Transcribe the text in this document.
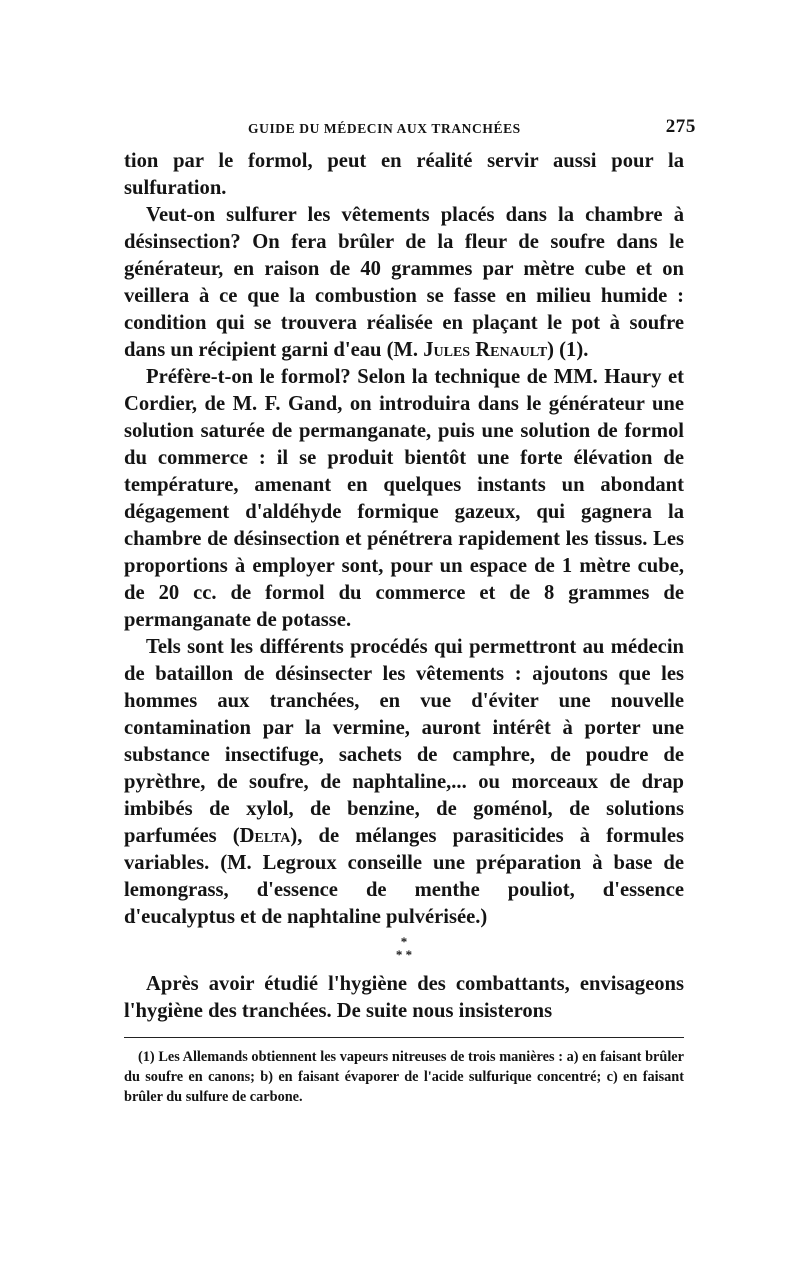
GUIDE DU MÉDECIN AUX TRANCHÉES	275

tion par le formol, peut en réalité servir aussi pour la sulfuration.

Veut-on sulfurer les vêtements placés dans la chambre à désinsection? On fera brûler de la fleur de soufre dans le générateur, en raison de 40 grammes par mètre cube et on veillera à ce que la combustion se fasse en milieu humide : condition qui se trouvera réalisée en plaçant le pot à soufre dans un récipient garni d'eau (M. Jules Renault) (1).

Préfère-t-on le formol? Selon la technique de MM. Haury et Cordier, de M. F. Gand, on introduira dans le générateur une solution saturée de permanganate, puis une solution de formol du commerce : il se produit bientôt une forte élévation de température, amenant en quelques instants un abondant dégagement d'aldéhyde formique gazeux, qui gagnera la chambre de désinsection et pénétrera rapidement les tissus. Les proportions à employer sont, pour un espace de 1 mètre cube, de 20 cc. de formol du commerce et de 8 grammes de permanganate de potasse.

Tels sont les différents procédés qui permettront au médecin de bataillon de désinsecter les vêtements : ajoutons que les hommes aux tranchées, en vue d'éviter une nouvelle contamination par la vermine, auront intérêt à porter une substance insectifuge, sachets de camphre, de poudre de pyrèthre, de soufre, de naphtaline,... ou morceaux de drap imbibés de xylol, de benzine, de goménol, de solutions parfumées (Delta), de mélanges parasiticides à formules variables. (M. Legroux conseille une préparation à base de lemongrass, d'essence de menthe pouliot, d'essence d'eucalyptus et de naphtaline pulvérisée.)

*
* *

Après avoir étudié l'hygiène des combattants, envisageons l'hygiène des tranchées. De suite nous insisterons

(1) Les Allemands obtiennent les vapeurs nitreuses de trois manières : a) en faisant brûler du soufre en canons; b) en faisant évaporer de l'acide sulfurique concentré; c) en faisant brûler du sulfure de carbone.
